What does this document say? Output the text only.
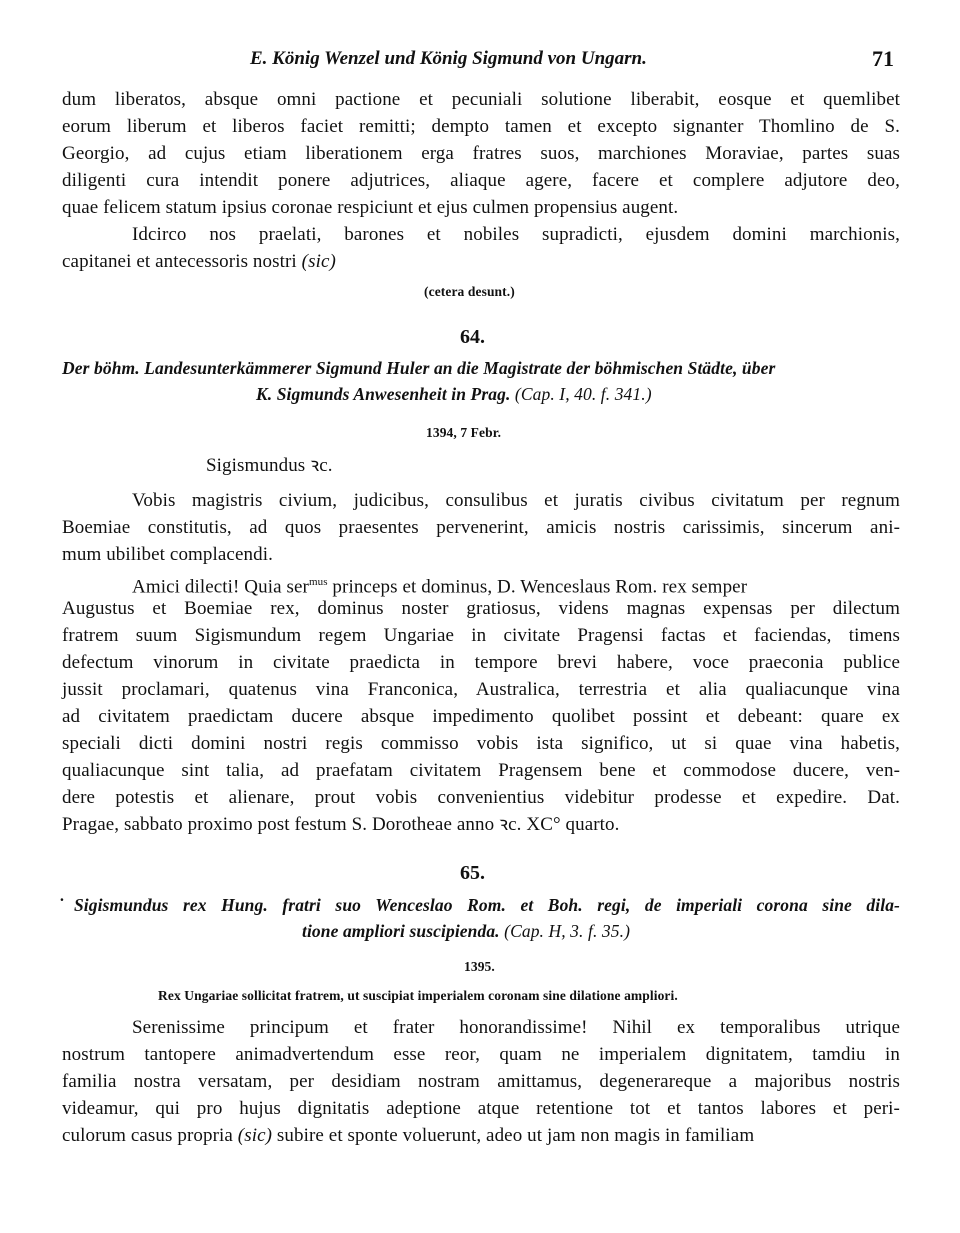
E. König Wenzel und König Sigmund von Ungarn.	71
dum liberatos, absque omni pactione et pecuniali solutione liberabit, eosque et quemlibet
eorum liberum et liberos faciet remitti; dempto tamen et excepto signanter Thomlino de S.
Georgio, ad cujus etiam liberationem erga fratres suos, marchiones Moraviae, partes suas
diligenti cura intendit ponere adjutrices, aliaque agere, facere et complere adjutore deo,
quae felicem statum ipsius coronae respiciunt et ejus culmen propensius augent.
Idcirco nos praelati, barones et nobiles supradicti, ejusdem domini marchionis,
capitanei et antecessoris nostri (sic)
(cetera desunt.)
64.
Der böhm. Landesunterkämmerer Sigmund Huler an die Magistrate der böhmischen Städte, über
K. Sigmunds Anwesenheit in Prag. (Cap. I, 40. f. 341.)
1394, 7 Febr.
Sigismundus ꝛc.
Vobis magistris civium, judicibus, consulibus et juratis civibus civitatum per regnum
Boemiae constitutis, ad quos praesentes pervenerint, amicis nostris carissimis, sincerum ani-
mum ubilibet complacendi.
Amici dilecti! Quia ser$^{mus}$ princeps et dominus, D. Wenceslaus Rom. rex semper
Augustus et Boemiae rex, dominus noster gratiosus, videns magnas expensas per dilectum
fratrem suum Sigismundum regem Ungariae in civitate Pragensi factas et faciendas, timens
defectum vinorum in civitate praedicta in tempore brevi habere, voce praeconia publice
jussit proclamari, quatenus vina Franconica, Australica, terrestria et alia qualiacunque vina
ad civitatem praedictam ducere absque impedimento quolibet possint et debeant: quare ex
speciali dicti domini nostri regis commisso vobis ista significo, ut si quae vina habetis,
qualiacunque sint talia, ad praefatam civitatem Pragensem bene et commodose ducere, ven-
dere potestis et alienare, prout vobis convenientius videbitur prodesse et expedire. Dat.
Pragae, sabbato proximo post festum S. Dorotheae anno ꝛc. XC° quarto.
65.
˙Sigismundus rex Hung. fratri suo Wenceslao Rom. et Boh. regi, de imperiali corona sine dila-
tione ampliori suscipienda. (Cap. H, 3. f. 35.)
1395.
Rex Ungariae sollicitat fratrem, ut suscipiat imperialem coronam sine dilatione ampliori.
Serenissime principum et frater honorandissime! Nihil ex temporalibus utrique
nostrum tantopere animadvertendum esse reor, quam ne imperialem dignitatem, tamdiu in
familia nostra versatam, per desidiam nostram amittamus, degenerareque a majoribus nostris
videamur, qui pro hujus dignitatis adeptione atque retentione tot et tantos labores et peri-
culorum casus propria (sic) subire et sponte voluerunt, adeo ut jam non magis in familiam
